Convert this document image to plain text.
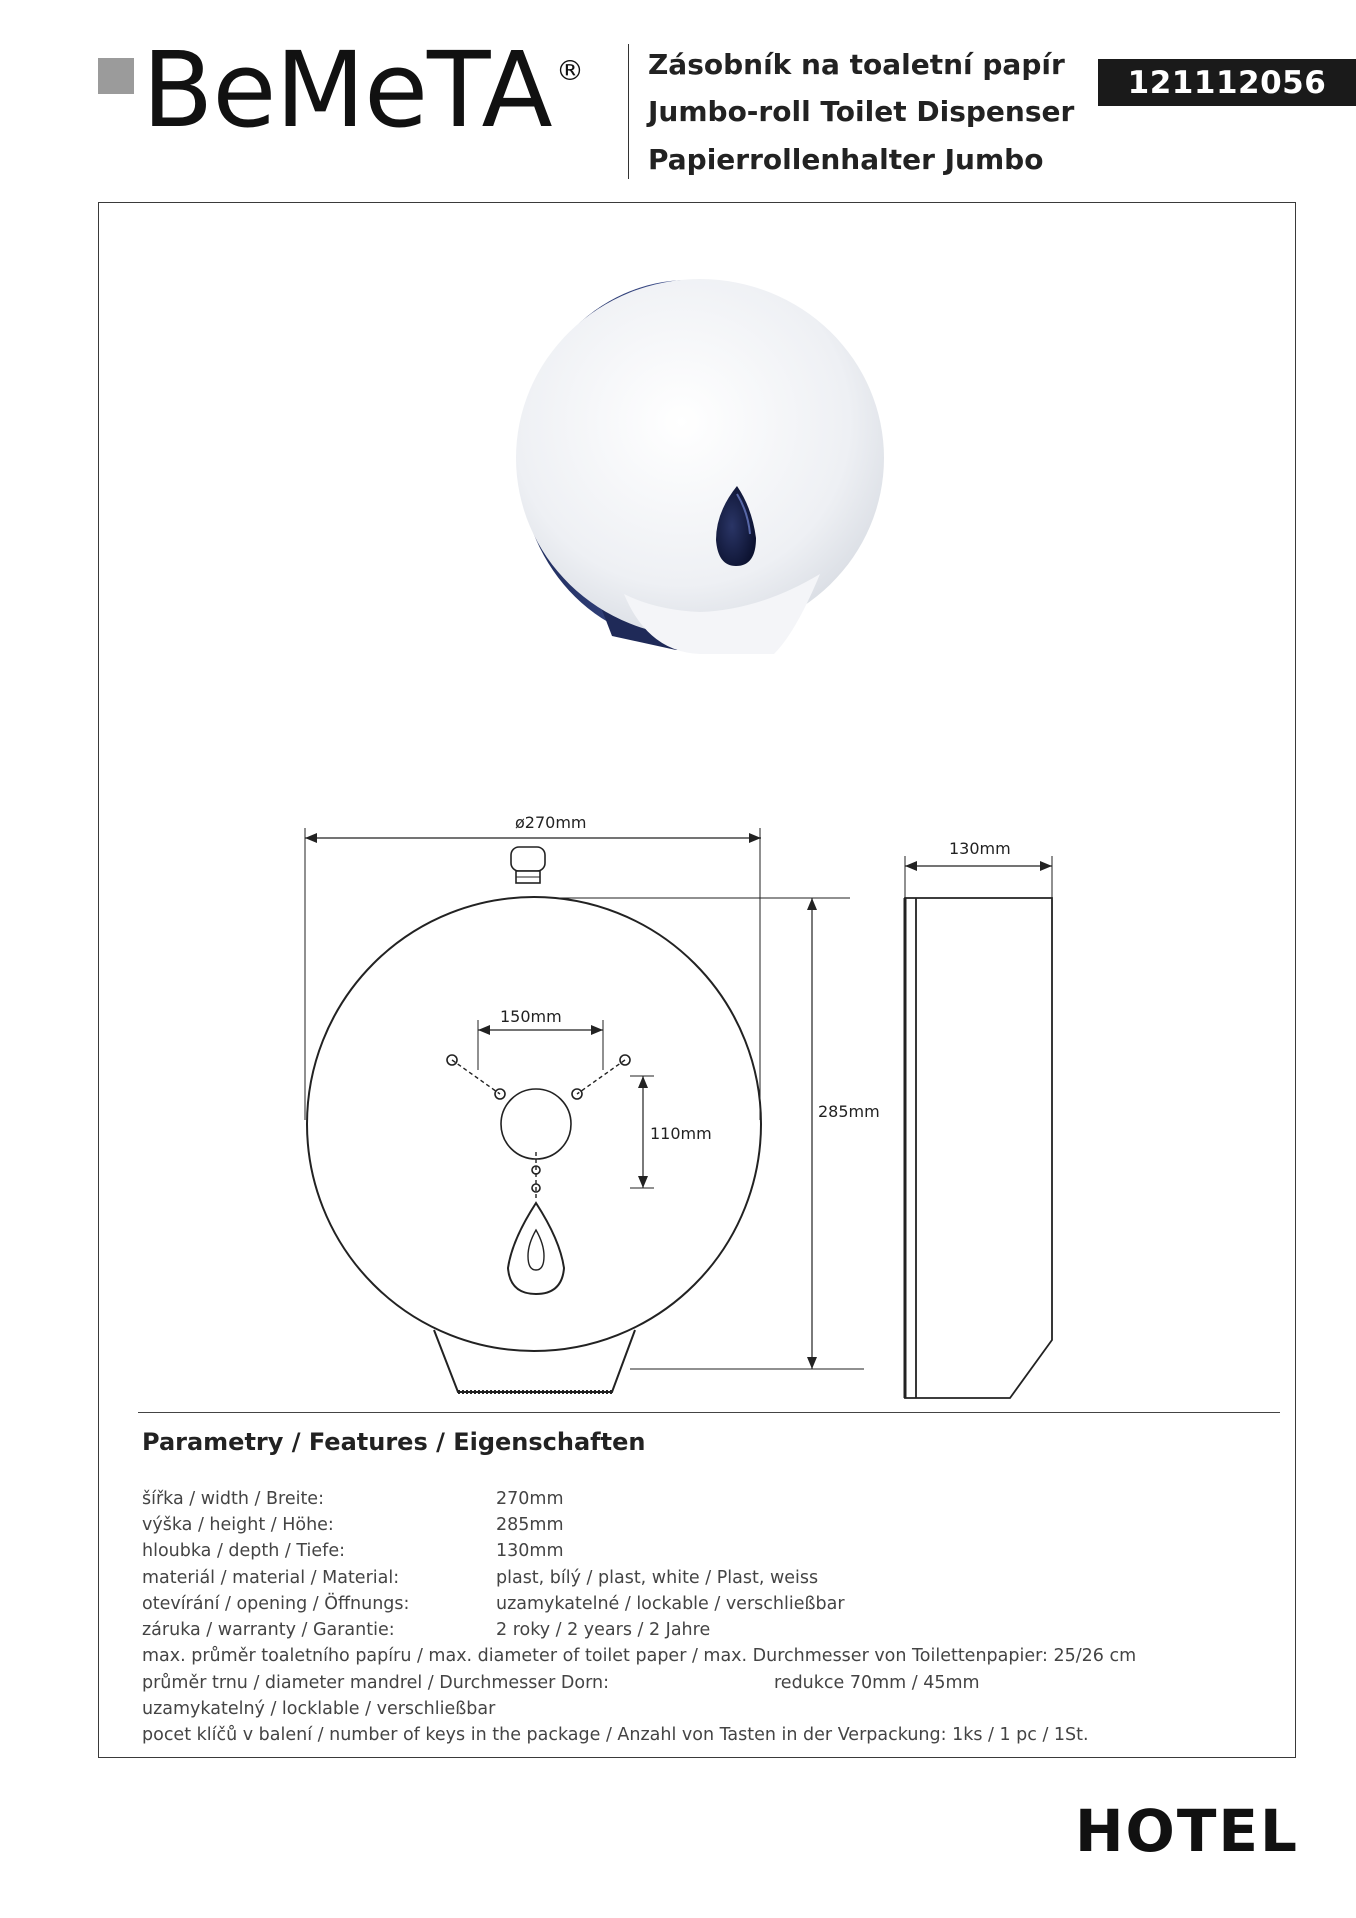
BeMeTA ® Zásobník na toaletní papír
Jumbo-roll Toilet Dispenser
Papierrollenhalter Jumbo
121112056
ø270mm
130mm
150mm
110mm
285mm
Parametry / Features / Eigenschaften
šířka / width / Breite:	270mm
výška / height / Höhe:	285mm
hloubka / depth / Tiefe:	130mm
materiál / material / Material:	plast, bílý / plast, white / Plast, weiss
otevírání / opening / Öffnungs:	uzamykatelné / lockable / verschließbar
záruka / warranty / Garantie:	2 roky / 2 years / 2 Jahre
max. průměr toaletního papíru / max. diameter of toilet paper / max. Durchmesser von Toilettenpapier: 25/26 cm
průměr trnu / diameter mandrel / Durchmesser Dorn:	redukce 70mm / 45mm
uzamykatelný / locklable / verschließbar
pocet klíčů v balení / number of keys in the package / Anzahl von Tasten in der Verpackung: 1ks / 1 pc / 1St.
HOTEL
